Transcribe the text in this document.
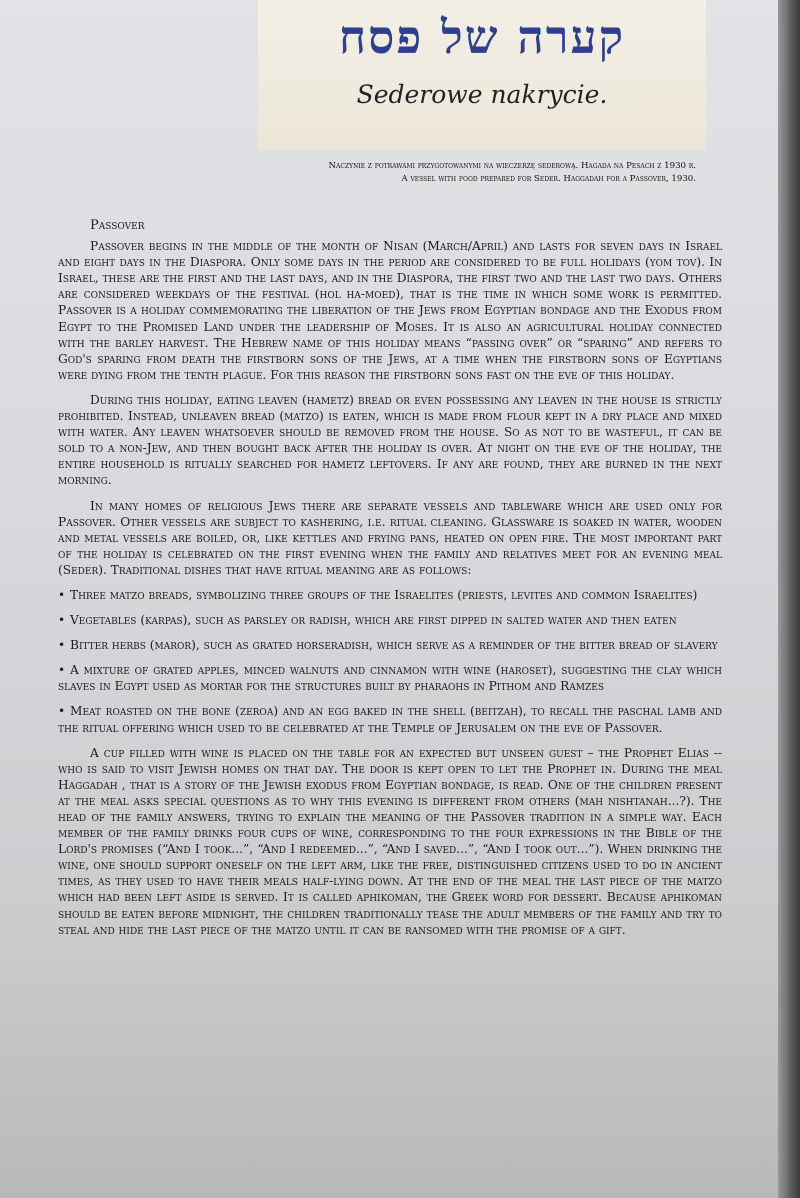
קערה של פסח
Sederowe nakrycie.
Naczynie z potrawami przygotowanymi na wieczerzę sederową. Hagada na Pesach z 1930 r.
A vessel with food prepared for Seder. Haggadah for a Passover, 1930.

Passover

Passover begins in the middle of the month of Nisan (March/April) and lasts for seven days in Israel and eight days in the Diaspora. Only some days in the period are considered to be full holidays (yom tov). In Israel, these are the first and the last days, and in the Diaspora, the first two and the last two days. Others are considered weekdays of the festival (hol ha-moed), that is the time in which some work is permitted. Passover is a holiday commemorating the liberation of the Jews from Egyptian bondage and the Exodus from Egypt to the Promised Land under the leadership of Moses. It is also an agricultural holiday connected with the barley harvest. The Hebrew name of this holiday means “passing over” or “sparing” and refers to God's sparing from death the firstborn sons of the Jews, at a time when the firstborn sons of Egyptians were dying from the tenth plague. For this reason the firstborn sons fast on the eve of this holiday.

During this holiday, eating leaven (hametz) bread or even possessing any leaven in the house is strictly prohibited. Instead, unleaven bread (matzo) is eaten, which is made from flour kept in a dry place and mixed with water. Any leaven whatsoever should be removed from the house. So as not to be wasteful, it can be sold to a non-Jew, and then bought back after the holiday is over. At night on the eve of the holiday, the entire household is ritually searched for hametz leftovers. If any are found, they are burned in the next morning.

In many homes of religious Jews there are separate vessels and tableware which are used only for Passover. Other vessels are subject to kashering, i.e. ritual cleaning. Glassware is soaked in water, wooden and metal vessels are boiled, or, like kettles and frying pans, heated on open fire. The most important part of the holiday is celebrated on the first evening when the family and relatives meet for an evening meal (Seder). Traditional dishes that have ritual meaning are as follows:

• Three matzo breads, symbolizing three groups of the Israelites (priests, levites and common Israelites)

• Vegetables (karpas), such as parsley or radish, which are first dipped in salted water and then eaten

• Bitter herbs (maror), such as grated horseradish, which serve as a reminder of the bitter bread of slavery

• A mixture of grated apples, minced walnuts and cinnamon with wine (haroset), suggesting the clay which slaves in Egypt used as mortar for the structures built by pharaohs in Pithom and Ramzes

• Meat roasted on the bone (zeroa) and an egg baked in the shell (beitzah), to recall the paschal lamb and the ritual offering which used to be celebrated at the Temple of Jerusalem on the eve of Passover.

A cup filled with wine is placed on the table for an expected but unseen guest – the Prophet Elias -- who is said to visit Jewish homes on that day. The door is kept open to let the Prophet in. During the meal Haggadah , that is a story of the Jewish exodus from Egyptian bondage, is read. One of the children present at the meal asks special questions as to why this evening is different from others (mah nishtanah...?). The head of the family answers, trying to explain the meaning of the Passover tradition in a simple way. Each member of the family drinks four cups of wine, corresponding to the four expressions in the Bible of the Lord's promises (“And I took...”, “And I redeemed...”, “And I saved...”, “And I took out...”). When drinking the wine, one should support oneself on the left arm, like the free, distinguished citizens used to do in ancient times, as they used to have their meals half-lying down. At the end of the meal the last piece of the matzo which had been left aside is served. It is called aphikoman, the Greek word for dessert. Because aphikoman should be eaten before midnight, the children traditionally tease the adult members of the family and try to steal and hide the last piece of the matzo until it can be ransomed with the promise of a gift.
